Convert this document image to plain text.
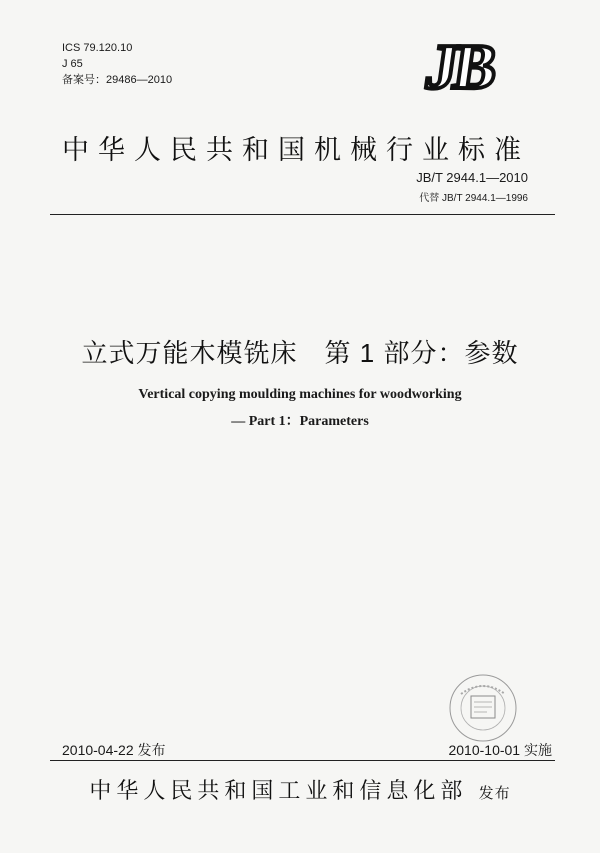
ICS 79.120.10
J 65
备案号：29486—2010	JB
中华人民共和国机械行业标准
JB/T 2944.1—2010
代替 JB/T 2944.1—1996
立式万能木模铣床　第 1 部分：参数
Vertical copying moulding machines for woodworking
— Part 1：Parameters
2010-04-22 发布	2010-10-01 实施
中华人民共和国工业和信息化部 发布
